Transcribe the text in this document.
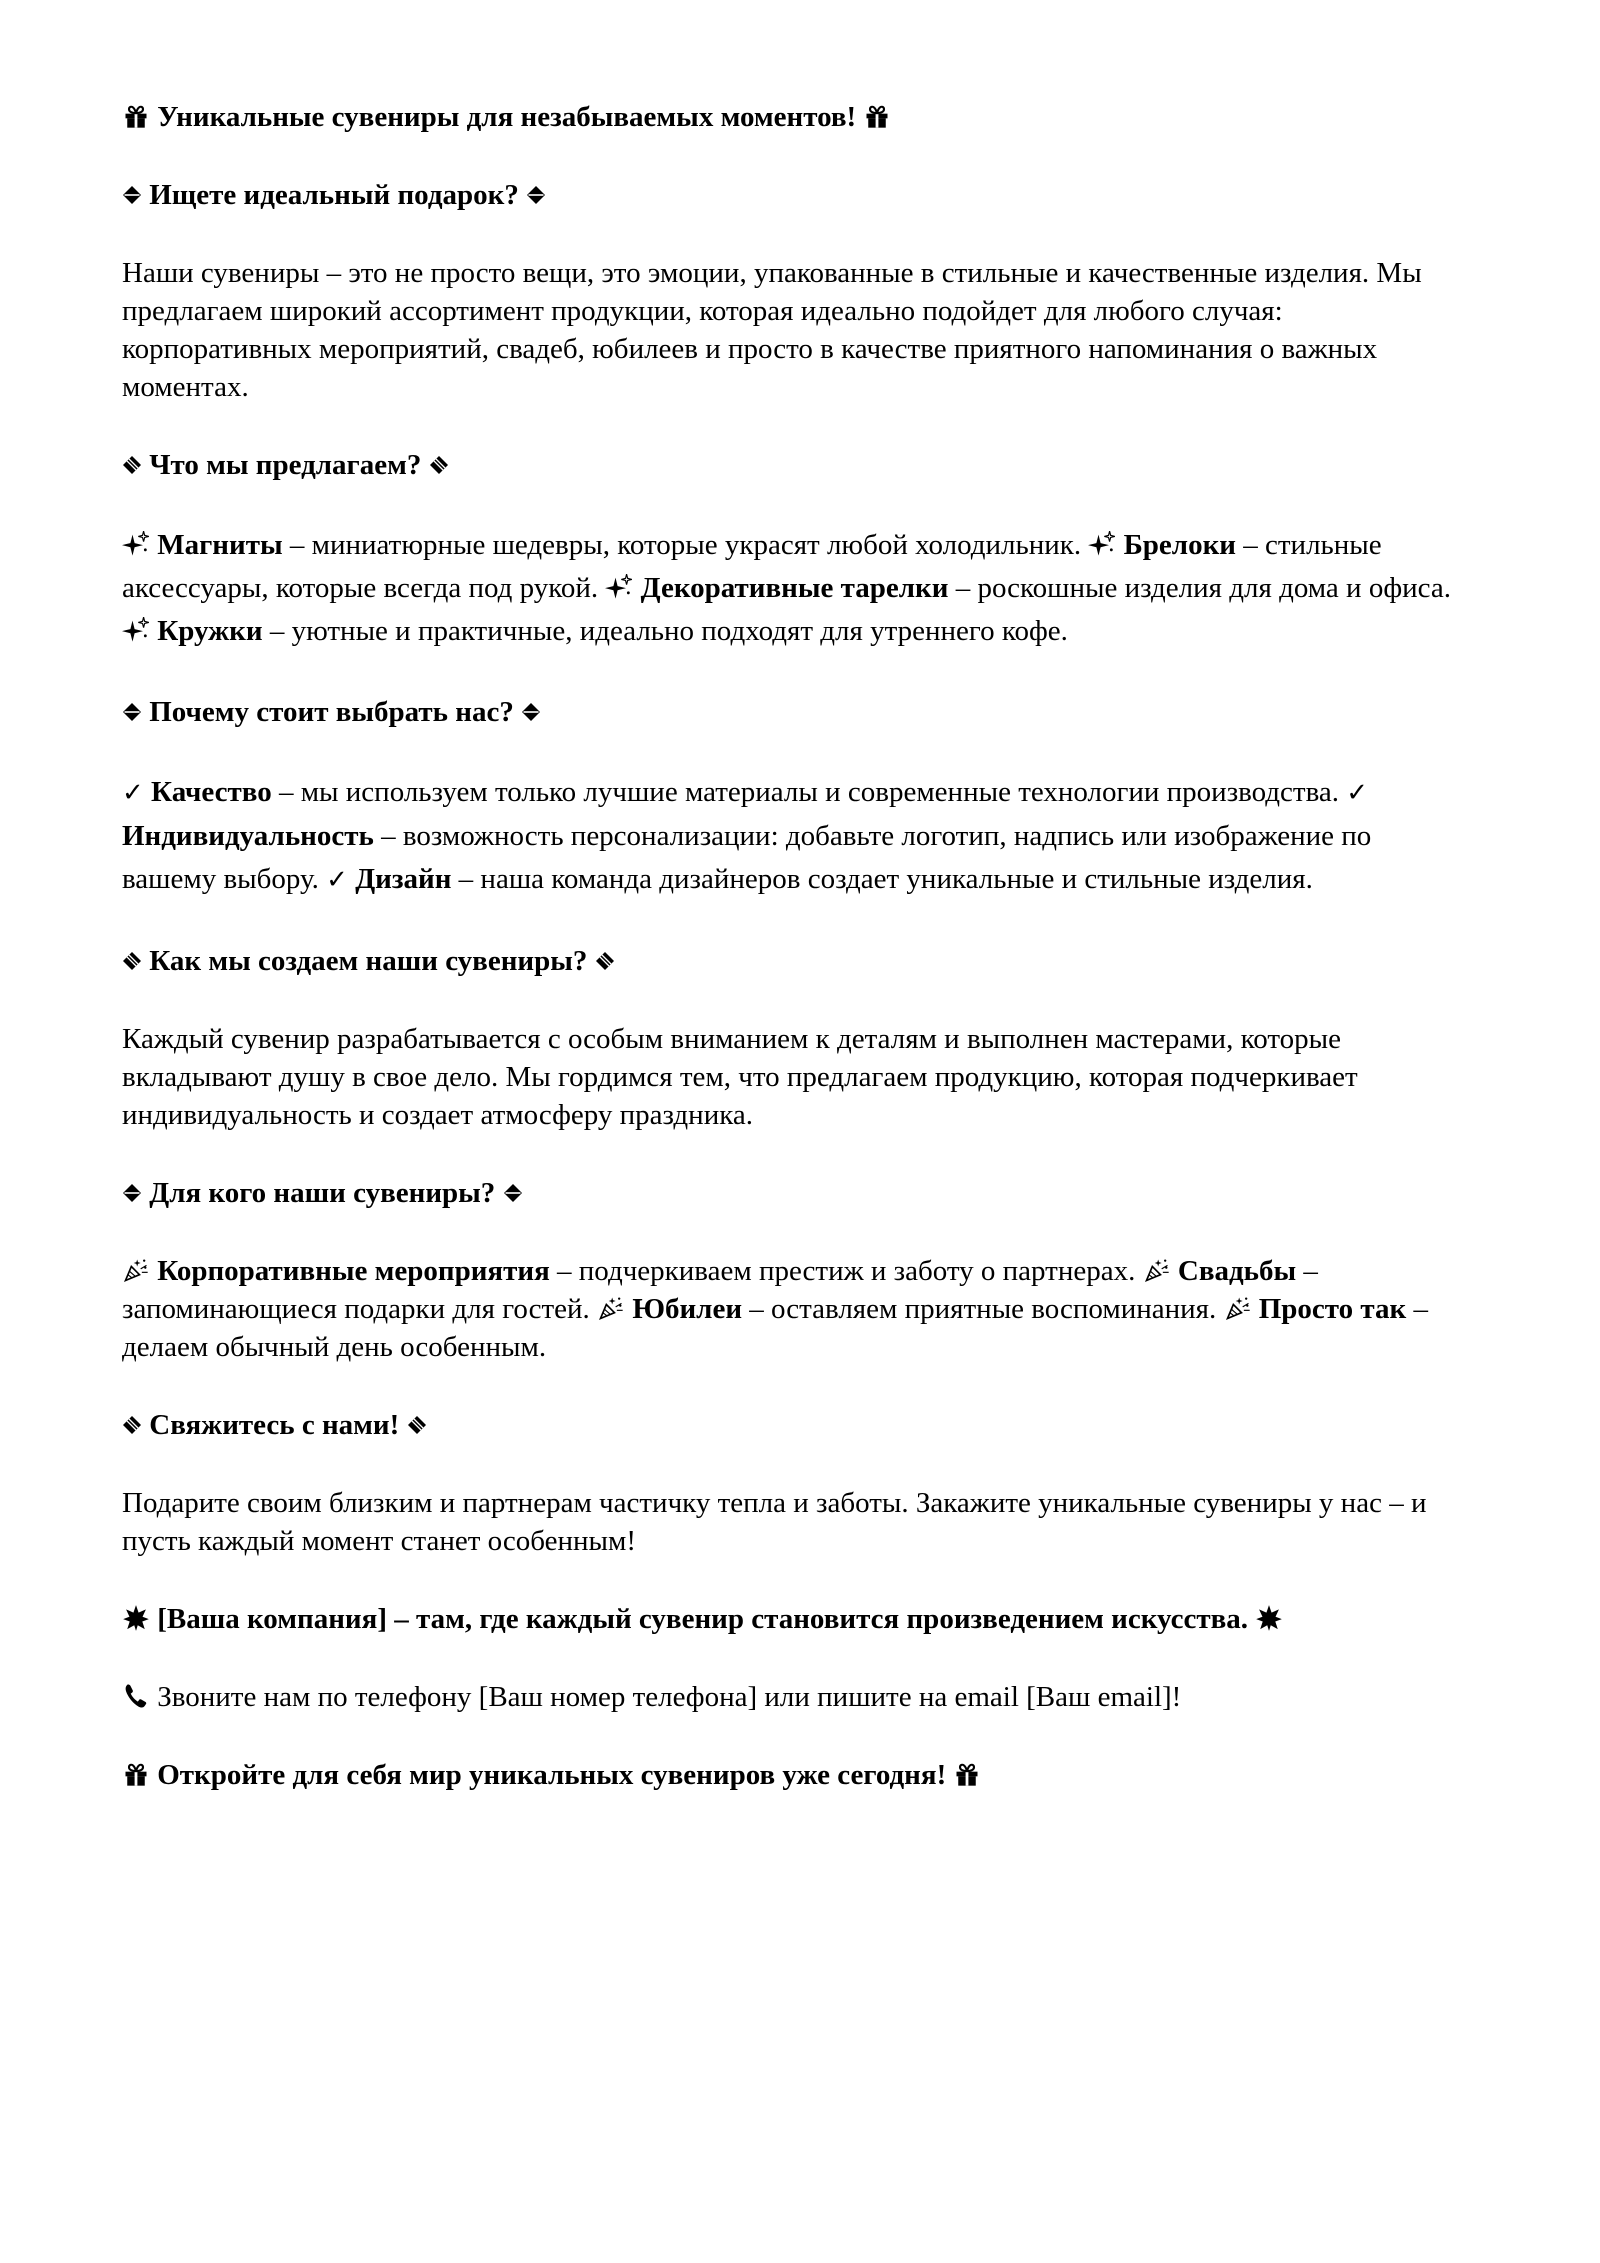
Уникальные сувениры для незабываемых моментов!
Ищете идеальный подарок?
Наши сувениры – это не просто вещи, это эмоции, упакованные в стильные и качественные изделия. Мы предлагаем широкий ассортимент продукции, которая идеально подойдет для любого случая: корпоративных мероприятий, свадеб, юбилеев и просто в качестве приятного напоминания о важных моментах.
Что мы предлагаем?
Магниты – миниатюрные шедевры, которые украсят любой холодильник. Брелоки – стильные аксессуары, которые всегда под рукой. Декоративные тарелки – роскошные изделия для дома и офиса.
Кружки – уютные и практичные, идеально подходят для утреннего кофе.
Почему стоит выбрать нас?
✓ Качество – мы используем только лучшие материалы и современные технологии производства. ✓ Индивидуальность – возможность персонализации: добавьте логотип, надпись или изображение по вашему выбору. ✓ Дизайн – наша команда дизайнеров создает уникальные и стильные изделия.
Как мы создаем наши сувениры?
Каждый сувенир разрабатывается с особым вниманием к деталям и выполнен мастерами, которые вкладывают душу в свое дело. Мы гордимся тем, что предлагаем продукцию, которая подчеркивает индивидуальность и создает атмосферу праздника.
Для кого наши сувениры?
Корпоративные мероприятия – подчеркиваем престиж и заботу о партнерах. Свадьбы – запоминающиеся подарки для гостей. Юбилеи – оставляем приятные воспоминания. Просто так – делаем обычный день особенным.
Свяжитесь с нами!
Подарите своим близким и партнерам частичку тепла и заботы. Закажите уникальные сувениры у нас – и пусть каждый момент станет особенным!
[Ваша компания] – там, где каждый сувенир становится произведением искусства.
Звоните нам по телефону [Ваш номер телефона] или пишите на email [Ваш email]!
Откройте для себя мир уникальных сувениров уже сегодня!
